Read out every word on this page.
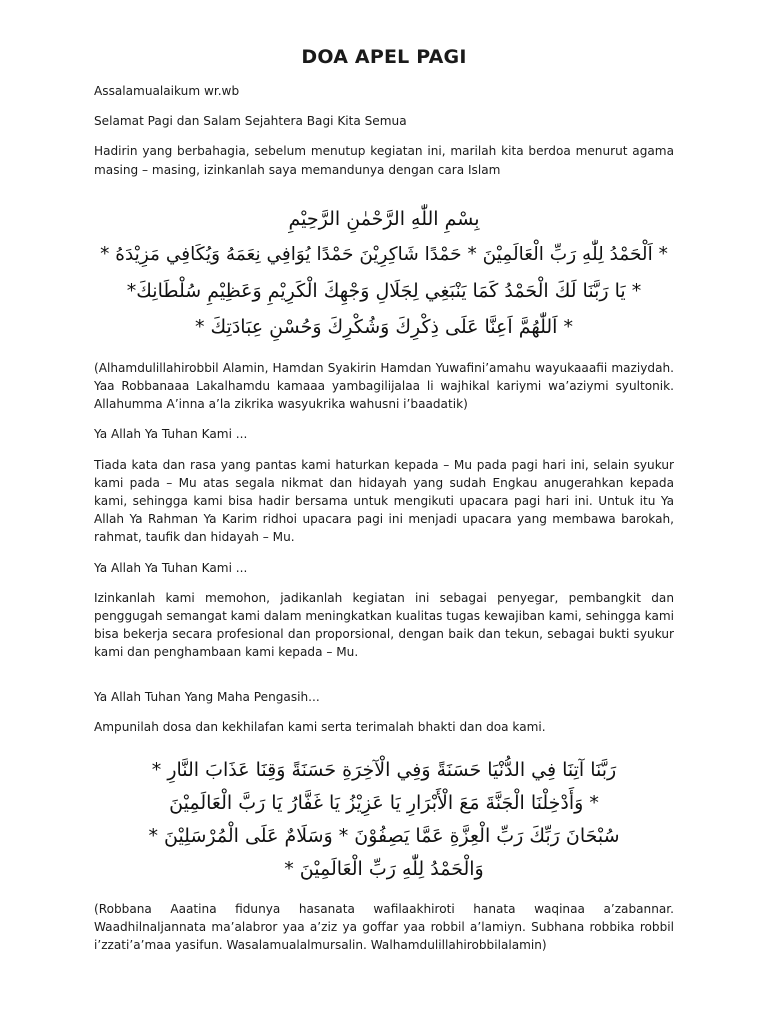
DOA APEL PAGI

Assalamualaikum wr.wb

Selamat Pagi dan Salam Sejahtera Bagi Kita Semua

Hadirin yang berbahagia, sebelum menutup kegiatan ini, marilah kita berdoa menurut agama masing – masing, izinkanlah saya memandunya dengan cara Islam

بِسْمِ اللّٰهِ الرَّحْمٰنِ الرَّحِيْمِ

* اَلْحَمْدُ لِلّٰهِ رَبِّ الْعَالَمِيْنَ * حَمْدًا شَاكِرِيْنَ حَمْدًا يُوَافِي نِعَمَهُ وَيُكَافِي مَزِيْدَهُ *

* يَا رَبَّنَا لَكَ الْحَمْدُ كَمَا يَنْبَغِي لِجَلَالِ وَجْهِكَ الْكَرِيْمِ وَعَظِيْمِ سُلْطَانِكَ*

* اَللّٰهُمَّ اَعِنَّا عَلَى ذِكْرِكَ وَشُكْرِكَ وَحُسْنِ عِبَادَتِكَ *

(Alhamdulillahirobbil Alamin, Hamdan Syakirin Hamdan Yuwafini’amahu wayukaaafii maziydah. Yaa Robbanaaa Lakalhamdu kamaaa yambagilijalaa li wajhikal kariymi wa’aziymi syultonik. Allahumma A’inna a’la zikrika wasyukrika wahusni i’baadatik)

Ya Allah Ya Tuhan Kami ...

Tiada kata dan rasa yang pantas kami haturkan kepada – Mu pada pagi hari ini, selain syukur kami pada – Mu atas segala nikmat dan hidayah yang sudah Engkau anugerahkan kepada kami, sehingga kami bisa hadir bersama untuk mengikuti upacara pagi hari ini. Untuk itu Ya Allah Ya Rahman Ya Karim ridhoi upacara pagi ini menjadi upacara yang membawa barokah, rahmat, taufik dan hidayah – Mu.

Ya Allah Ya Tuhan Kami ...

Izinkanlah kami memohon, jadikanlah kegiatan ini sebagai penyegar, pembangkit dan penggugah semangat kami dalam meningkatkan kualitas tugas kewajiban kami, sehingga kami bisa bekerja secara profesional dan proporsional, dengan baik dan tekun, sebagai bukti syukur kami dan penghambaan kami kepada – Mu.

Ya Allah Tuhan Yang Maha Pengasih...

Ampunilah dosa dan kekhilafan kami serta terimalah bhakti dan doa kami.

رَبَّنَا آتِنَا فِي الدُّنْيَا حَسَنَةً وَفِي الْآخِرَةِ حَسَنَةً وَقِنَا عَذَابَ النَّارِ *

* وَأَدْخِلْنَا الْجَنَّةَ مَعَ الْأَبْرَارِ يَا عَزِيْزُ يَا غَفَّارُ يَا رَبَّ الْعَالَمِيْنَ

سُبْحَانَ رَبِّكَ رَبِّ الْعِزَّةِ عَمَّا يَصِفُوْنَ * وَسَلَامٌ عَلَى الْمُرْسَلِيْنَ *

وَالْحَمْدُ لِلّٰهِ رَبِّ الْعَالَمِيْنَ *

(Robbana Aaatina fidunya hasanata wafilaakhiroti hanata waqinaa a’zabannar. Waadhilnaljannata ma’alabror yaa a’ziz ya goffar yaa robbil a’lamiyn. Subhana robbika robbil i’zzati’a’maa yasifun. Wasalamualalmursalin. Walhamdulillahirobbilalamin)
